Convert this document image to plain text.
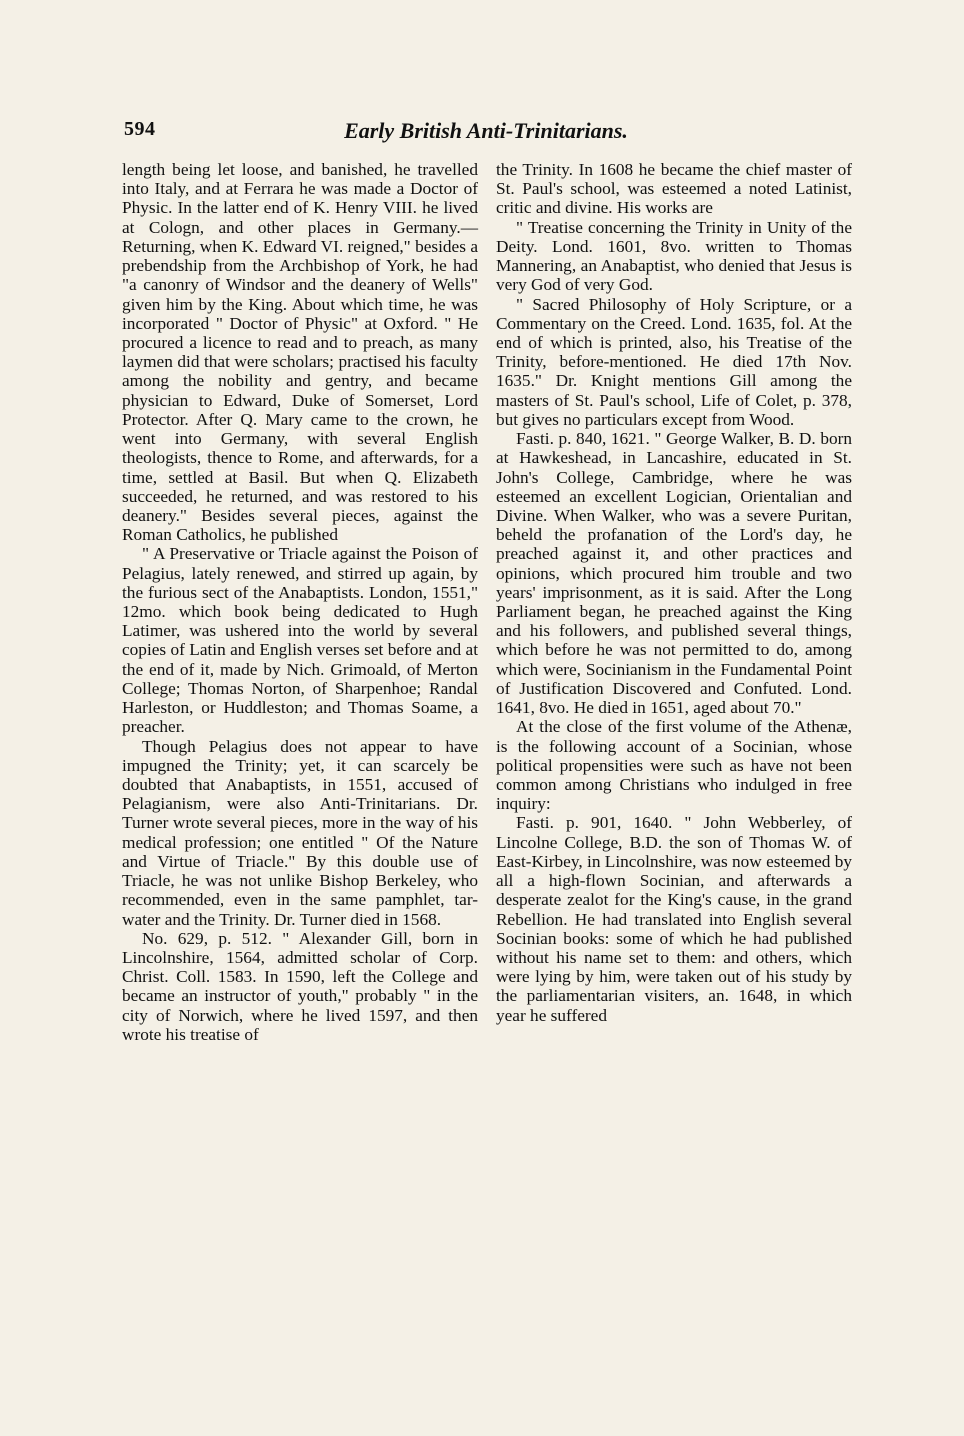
594	Early British Anti-Trinitarians.

length being let loose, and banished, he travelled into Italy, and at Ferrara he was made a Doctor of Physic. In the latter end of K. Henry VIII. he lived at Cologn, and other places in Germany.—Returning, when K. Edward VI. reigned," besides a prebendship from the Archbishop of York, he had "a canonry of Windsor and the deanery of Wells" given him by the King. About which time, he was incorporated " Doctor of Physic" at Oxford. " He procured a licence to read and to preach, as many laymen did that were scholars; practised his faculty among the nobility and gentry, and became physician to Edward, Duke of Somerset, Lord Protector. After Q. Mary came to the crown, he went into Germany, with several English theologists, thence to Rome, and afterwards, for a time, settled at Basil. But when Q. Elizabeth succeeded, he returned, and was restored to his deanery." Besides several pieces, against the Roman Catholics, he published

" A Preservative or Triacle against the Poison of Pelagius, lately renewed, and stirred up again, by the furious sect of the Anabaptists. London, 1551," 12mo. which book being dedicated to Hugh Latimer, was ushered into the world by several copies of Latin and English verses set before and at the end of it, made by Nich. Grimoald, of Merton College; Thomas Norton, of Sharpenhoe; Randal Harleston, or Huddleston; and Thomas Soame, a preacher.

Though Pelagius does not appear to have impugned the Trinity; yet, it can scarcely be doubted that Anabaptists, in 1551, accused of Pelagianism, were also Anti-Trinitarians. Dr. Turner wrote several pieces, more in the way of his medical profession; one entitled " Of the Nature and Virtue of Triacle." By this double use of Triacle, he was not unlike Bishop Berkeley, who recommended, even in the same pamphlet, tar-water and the Trinity. Dr. Turner died in 1568.

No. 629, p. 512. " Alexander Gill, born in Lincolnshire, 1564, admitted scholar of Corp. Christ. Coll. 1583. In 1590, left the College and became an instructor of youth," probably " in the city of Norwich, where he lived 1597, and then wrote his treatise of

the Trinity. In 1608 he became the chief master of St. Paul's school, was esteemed a noted Latinist, critic and divine. His works are

" Treatise concerning the Trinity in Unity of the Deity. Lond. 1601, 8vo. written to Thomas Mannering, an Anabaptist, who denied that Jesus is very God of very God.

" Sacred Philosophy of Holy Scripture, or a Commentary on the Creed. Lond. 1635, fol. At the end of which is printed, also, his Treatise of the Trinity, before-mentioned. He died 17th Nov. 1635." Dr. Knight mentions Gill among the masters of St. Paul's school, Life of Colet, p. 378, but gives no particulars except from Wood.

Fasti. p. 840, 1621. " George Walker, B. D. born at Hawkeshead, in Lancashire, educated in St. John's College, Cambridge, where he was esteemed an excellent Logician, Orientalian and Divine. When Walker, who was a severe Puritan, beheld the profanation of the Lord's day, he preached against it, and other practices and opinions, which procured him trouble and two years' imprisonment, as it is said. After the Long Parliament began, he preached against the King and his followers, and published several things, which before he was not permitted to do, among which were, Socinianism in the Fundamental Point of Justification Discovered and Confuted. Lond. 1641, 8vo. He died in 1651, aged about 70."

At the close of the first volume of the Athenæ, is the following account of a Socinian, whose political propensities were such as have not been common among Christians who indulged in free inquiry:

Fasti. p. 901, 1640. " John Webberley, of Lincolne College, B.D. the son of Thomas W. of East-Kirbey, in Lincolnshire, was now esteemed by all a high-flown Socinian, and afterwards a desperate zealot for the King's cause, in the grand Rebellion. He had translated into English several Socinian books: some of which he had published without his name set to them: and others, which were lying by him, were taken out of his study by the parliamentarian visiters, an. 1648, in which year he suffered
